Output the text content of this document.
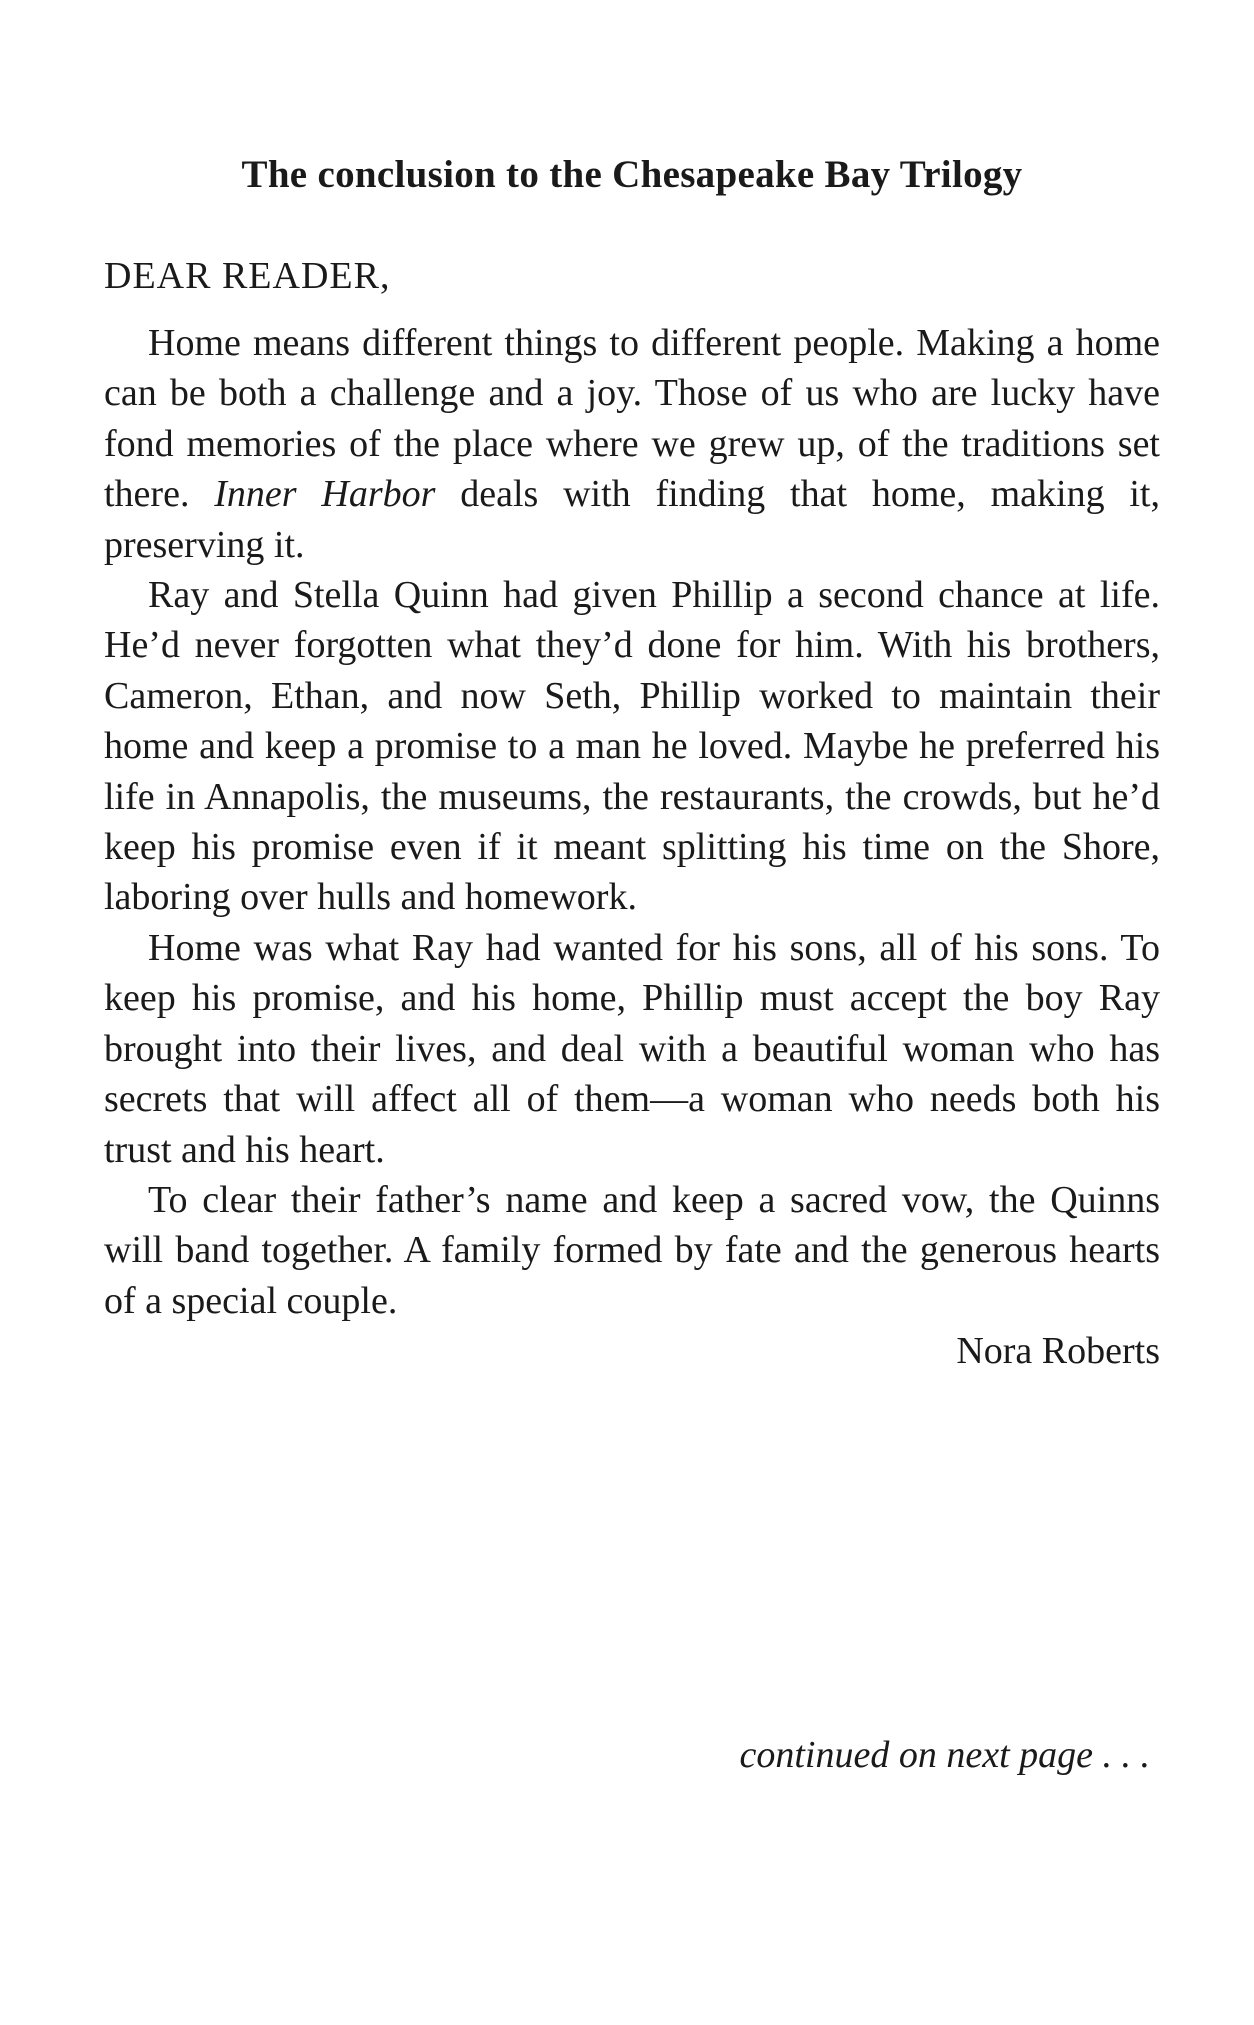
The conclusion to the Chesapeake Bay Trilogy
DEAR READER,

Home means different things to different people. Making a home can be both a challenge and a joy. Those of us who are lucky have fond memories of the place where we grew up, of the traditions set there. Inner Harbor deals with finding that home, making it, preserving it.

Ray and Stella Quinn had given Phillip a second chance at life. He’d never forgotten what they’d done for him. With his brothers, Cameron, Ethan, and now Seth, Phillip worked to maintain their home and keep a promise to a man he loved. Maybe he preferred his life in Annapolis, the museums, the restaurants, the crowds, but he’d keep his promise even if it meant splitting his time on the Shore, laboring over hulls and homework.

Home was what Ray had wanted for his sons, all of his sons. To keep his promise, and his home, Phillip must accept the boy Ray brought into their lives, and deal with a beautiful woman who has secrets that will affect all of them—a woman who needs both his trust and his heart.

To clear their father’s name and keep a sacred vow, the Quinns will band together. A family formed by fate and the generous hearts of a special couple.

Nora Roberts

continued on next page . . .
